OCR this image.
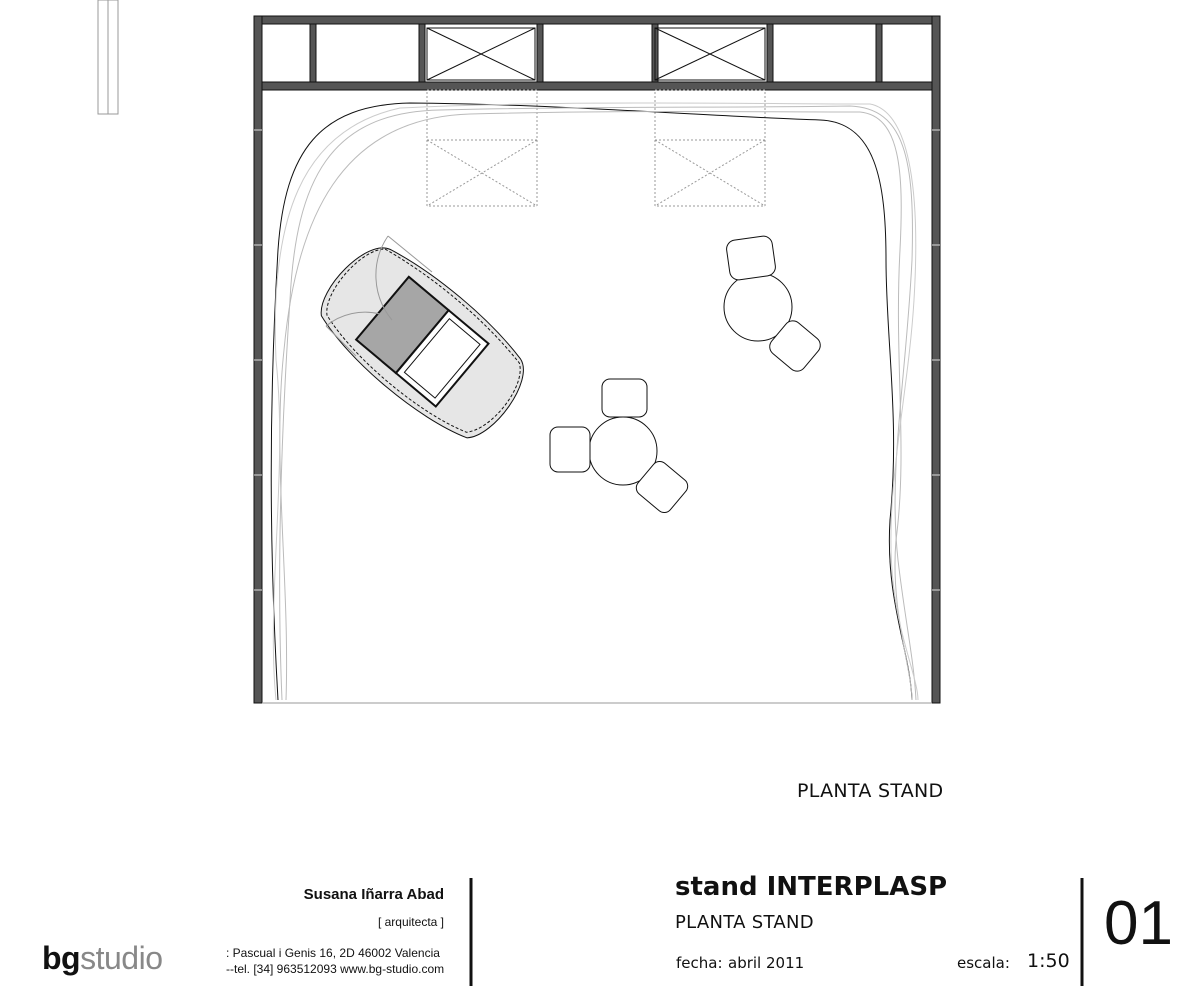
PLANTA STAND
Susana Iñarra Abad
[ arquitecta ]
: Pascual i Genis 16, 2D 46002 Valencia
--tel. [34] 963512093 www.bg-studio.com
bgstudio
stand INTERPLASP
PLANTA STAND
fecha: abril 2011	escala: 1:50
01
